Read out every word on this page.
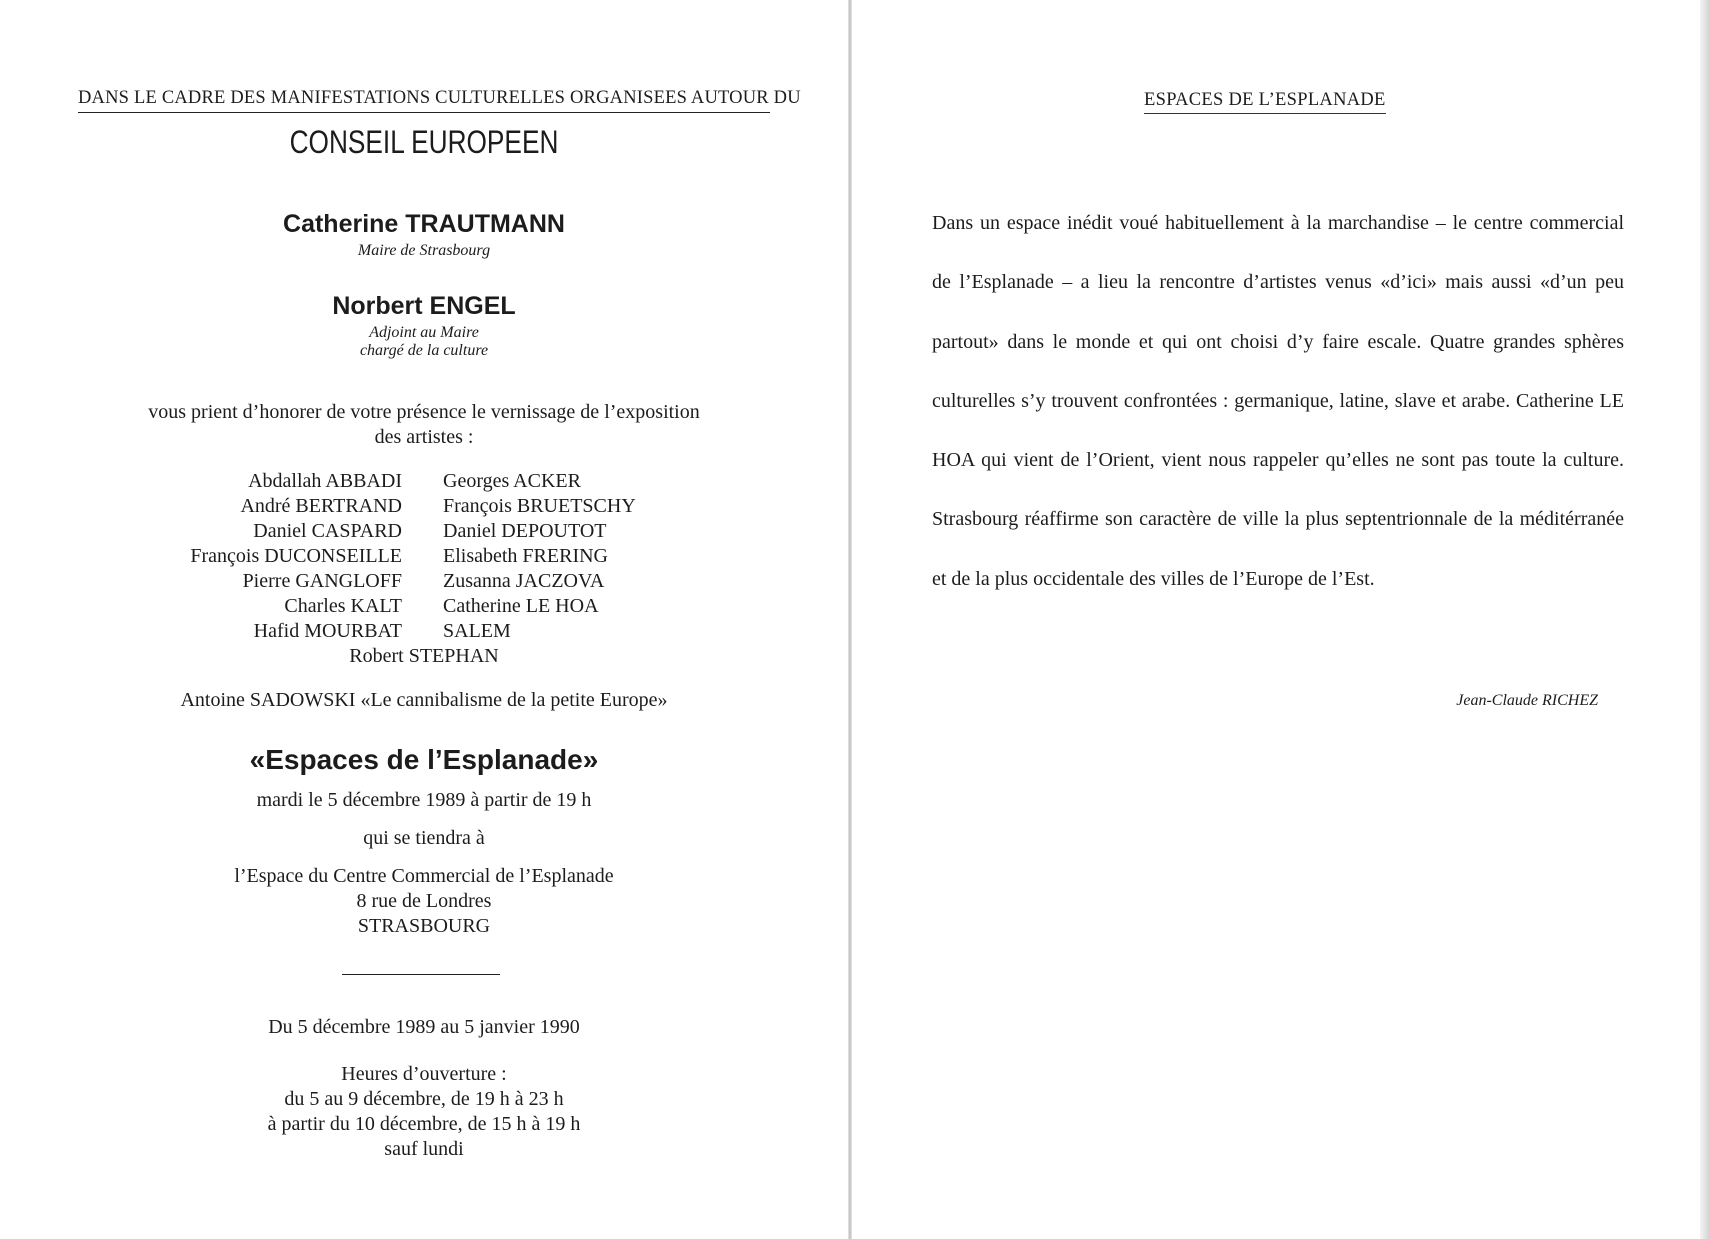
DANS LE CADRE DES MANIFESTATIONS CULTURELLES ORGANISEES AUTOUR DU
CONSEIL EUROPEEN
Catherine TRAUTMANN
Maire de Strasbourg
Norbert ENGEL
Adjoint au Maire
chargé de la culture
vous prient d’honorer de votre présence le vernissage de l’exposition
des artistes :
Abdallah ABBADI
André BERTRAND
Daniel CASPARD
François DUCONSEILLE
Pierre GANGLOFF
Charles KALT
Hafid MOURBAT
Georges ACKER
François BRUETSCHY
Daniel DEPOUTOT
Elisabeth FRERING
Zusanna JACZOVA
Catherine LE HOA
SALEM
Robert STEPHAN
Antoine SADOWSKI «Le cannibalisme de la petite Europe»
«Espaces de l’Esplanade»
mardi le 5 décembre 1989 à partir de 19 h
qui se tiendra à
l’Espace du Centre Commercial de l’Esplanade
8 rue de Londres
STRASBOURG
Du 5 décembre 1989 au 5 janvier 1990
Heures d’ouverture :
du 5 au 9 décembre, de 19 h à 23 h
à partir du 10 décembre, de 15 h à 19 h
sauf lundi
ESPACES DE L’ESPLANADE
Dans un espace inédit voué habituellement à la marchandise – le centre commercial de l’Esplanade – a lieu la rencontre d’artistes venus «d’ici» mais aussi «d’un peu partout» dans le monde et qui ont choisi d’y faire escale. Quatre grandes sphères culturelles s’y trouvent confrontées : germanique, latine, slave et arabe. Catherine LE HOA qui vient de l’Orient, vient nous rappeler qu’elles ne sont pas toute la culture. Strasbourg réaffirme son caractère de ville la plus septentrionnale de la méditérranée et de la plus occidentale des villes de l’Europe de l’Est.
Jean-Claude RICHEZ
